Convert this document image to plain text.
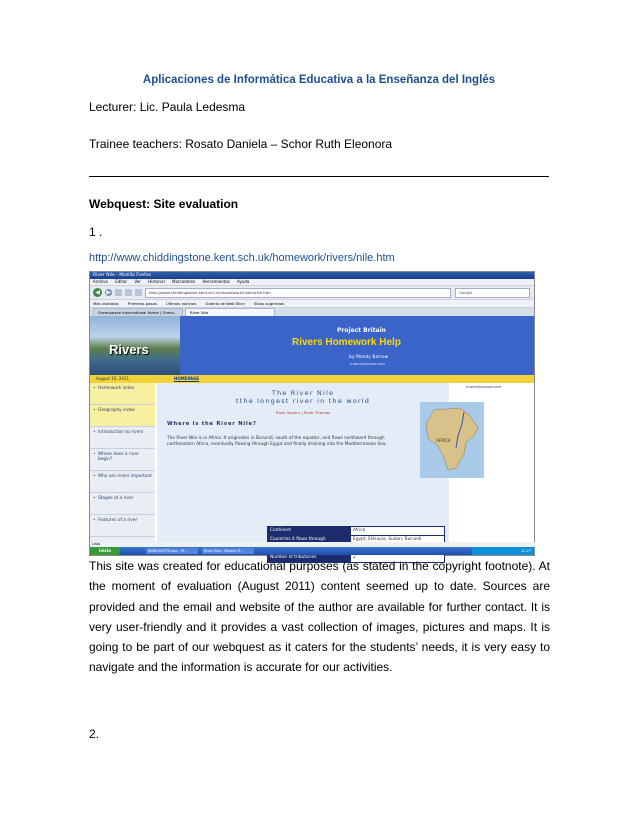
Aplicaciones de Informática Educativa a la Enseñanza del Inglés
Lecturer: Lic. Paula Ledesma
Trainee teachers: Rosato Daniela – Schor Ruth Eleonora
Webquest: Site evaluation
1 .
http://www.chiddingstone.kent.sch.uk/homework/rivers/nile.htm
River Nile - Mozilla Firefox
Archivo Editar Ver Historial Marcadores Herramientas Ayuda
◀	▶	http://www.chiddingstone.kent.sch.uk/homework/rivers/nile.htm	Google
Más visitados Primeros pasos Últimas noticias Galería de Web Slice Sitios sugeridos
Greenpeace International Home | Green...	River Nile
Rivers
Project Britain
Rivers Homework Help
by Mandy Barrow
mandybarrow.com
August 16, 2011	HOMEPAGE
• Homework index
• Geography index
• Introduction to rivers
• Where does a river begin?
• Why are rivers important
• Stages of a river
• Features of a river
The River Nile
tthe longest river in the world
River Severn | River Thames
Where is the River Nile?
The River Nile is in Africa. It originates in Burundi, south of the equator, and flows northward through northeastern Africa, eventually flowing through Egypt and finally draining into the Mediterranean Sea.
Continent	Africa
Countries it flows through	Egypt, Ethiopia, Sudan, Burundi

Number of tributaries	2
mandybarrow.com
AFRICA
Listo
inicio	WEBQUESTS.doc - M...	River Nile - Mozilla Fi...	12:27
This site was created for educational purposes (as stated in the copyright footnote). At the moment of evaluation (August 2011) content seemed up to date. Sources are provided and the email and website of the author are available for further contact. It is very user-friendly and it provides a vast collection of images, pictures and maps. It is going to be part of our webquest as it caters for the students’ needs, it is very easy to navigate and the information is accurate for our activities.
2.
